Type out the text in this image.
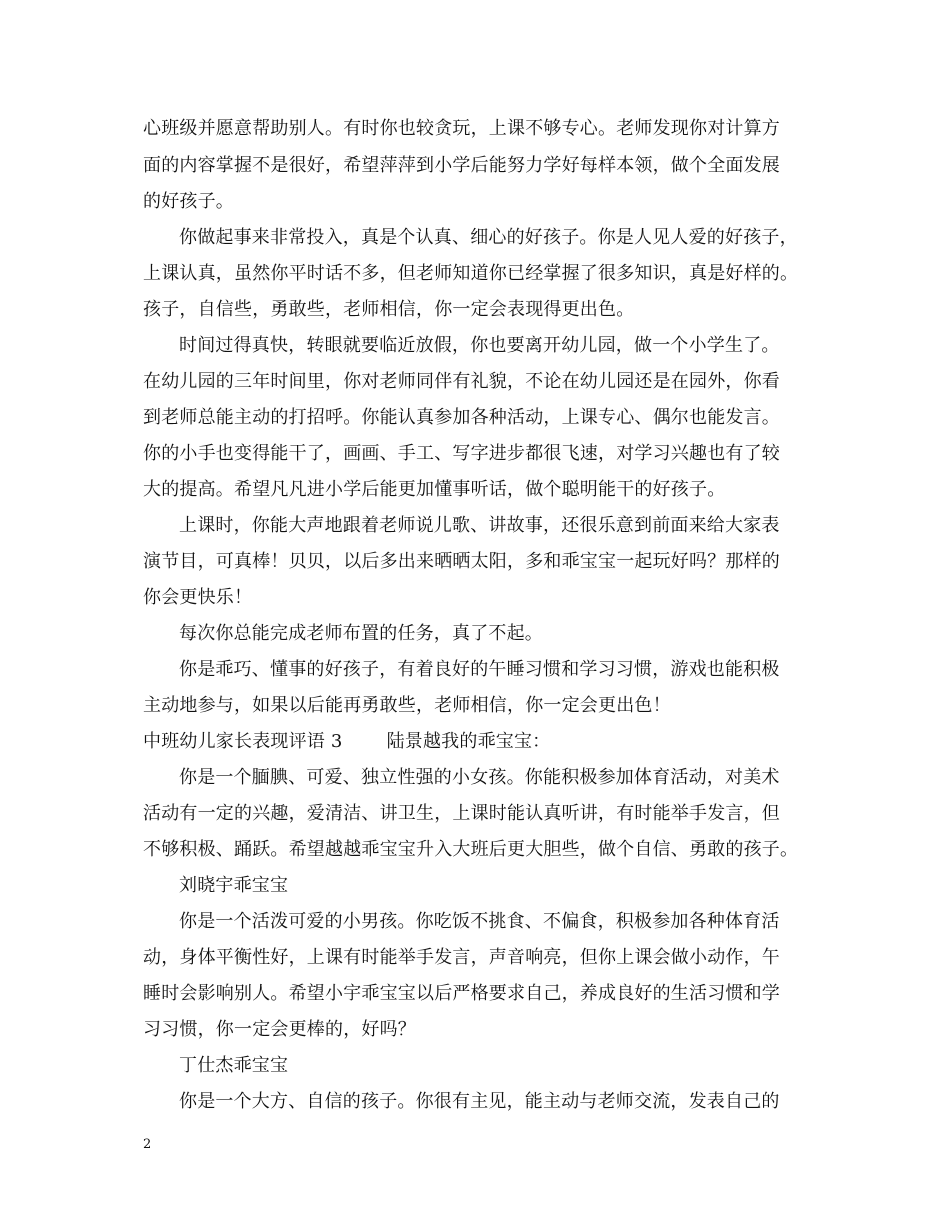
心班级并愿意帮助别人。有时你也较贪玩，上课不够专心。老师发现你对计算方
面的内容掌握不是很好，希望萍萍到小学后能努力学好每样本领，做个全面发展
的好孩子。
你做起事来非常投入，真是个认真、细心的好孩子。你是人见人爱的好孩子，
上课认真，虽然你平时话不多，但老师知道你已经掌握了很多知识，真是好样的。
孩子，自信些，勇敢些，老师相信，你一定会表现得更出色。
时间过得真快，转眼就要临近放假，你也要离开幼儿园，做一个小学生了。
在幼儿园的三年时间里，你对老师同伴有礼貌，不论在幼儿园还是在园外，你看
到老师总能主动的打招呼。你能认真参加各种活动，上课专心、偶尔也能发言。
你的小手也变得能干了，画画、手工、写字进步都很飞速，对学习兴趣也有了较
大的提高。希望凡凡进小学后能更加懂事听话，做个聪明能干的好孩子。
上课时，你能大声地跟着老师说儿歌、讲故事，还很乐意到前面来给大家表
演节目，可真棒！贝贝，以后多出来晒晒太阳，多和乖宝宝一起玩好吗？那样的
你会更快乐！
每次你总能完成老师布置的任务，真了不起。
你是乖巧、懂事的好孩子，有着良好的午睡习惯和学习习惯，游戏也能积极
主动地参与，如果以后能再勇敢些，老师相信，你一定会更出色！
中班幼儿家长表现评语 3 陆景越我的乖宝宝：
你是一个腼腆、可爱、独立性强的小女孩。你能积极参加体育活动，对美术
活动有一定的兴趣，爱清洁、讲卫生，上课时能认真听讲，有时能举手发言，但
不够积极、踊跃。希望越越乖宝宝升入大班后更大胆些，做个自信、勇敢的孩子。
刘晓宇乖宝宝
你是一个活泼可爱的小男孩。你吃饭不挑食、不偏食，积极参加各种体育活
动，身体平衡性好，上课有时能举手发言，声音响亮，但你上课会做小动作，午
睡时会影响别人。希望小宇乖宝宝以后严格要求自己，养成良好的生活习惯和学
习习惯，你一定会更棒的，好吗？
丁仕杰乖宝宝
你是一个大方、自信的孩子。你很有主见，能主动与老师交流，发表自己的
2
